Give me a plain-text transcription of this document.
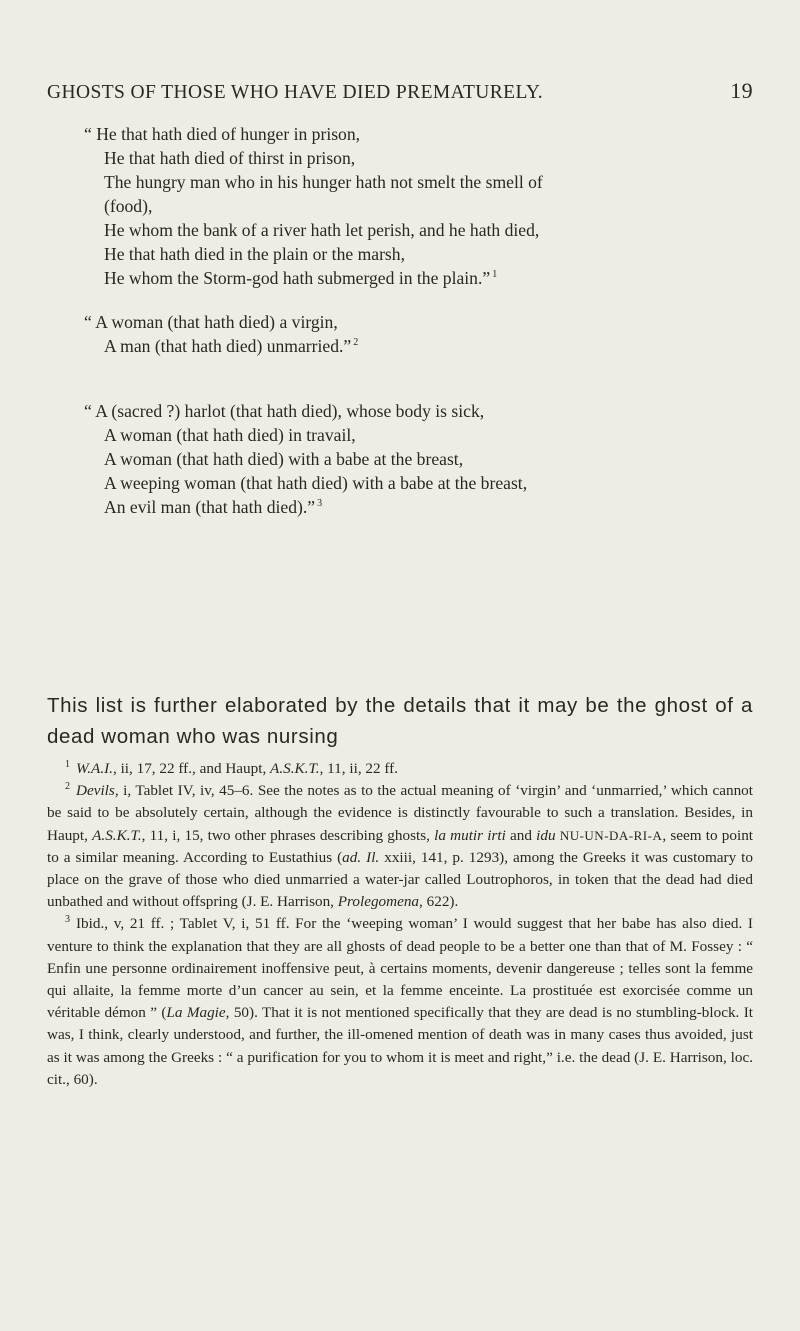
GHOSTS OF THOSE WHO HAVE DIED PREMATURELY.	19
“ He that hath died of hunger in prison,
He that hath died of thirst in prison,
The hungry man who in his hunger hath not smelt the smell of
(food),
He whom the bank of a river hath let perish, and he hath died,
He that hath died in the plain or the marsh,
He whom the Storm-god hath submerged in the plain.” $^1$
“ A woman (that hath died) a virgin,
A man (that hath died) unmarried.” $^2$
“ A (sacred ?) harlot (that hath died), whose body is sick,
A woman (that hath died) in travail,
A woman (that hath died) with a babe at the breast,
A weeping woman (that hath died) with a babe at the breast,
An evil man (that hath died).” $^3$
This list is further elaborated by the details that it may be the ghost of a dead woman who was nursing

$^1$ W.A.I., ii, 17, 22 ff., and Haupt, A.S.K.T., 11, ii, 22 ff.

$^2$ Devils, i, Tablet IV, iv, 45–6. See the notes as to the actual meaning of ‘virgin’ and ‘unmarried,’ which cannot be said to be absolutely certain, although the evidence is distinctly favourable to such a translation. Besides, in Haupt, A.S.K.T., 11, i, 15, two other phrases describing ghosts, la mutir irti and idu NU-UN-DA-RI-A, seem to point to a similar meaning. According to Eustathius (ad. Il. xxiii, 141, p. 1293), among the Greeks it was customary to place on the grave of those who died unmarried a water-jar called Loutrophoros, in token that the dead had died unbathed and without offspring (J. E. Harrison, Prolegomena, 622).

$^3$ Ibid., v, 21 ff. ; Tablet V, i, 51 ff. For the ‘weeping woman’ I would suggest that her babe has also died. I venture to think the explanation that they are all ghosts of dead people to be a better one than that of M. Fossey : “ Enfin une personne ordinairement inoffensive peut, à certains moments, devenir dangereuse ; telles sont la femme qui allaite, la femme morte d’un cancer au sein, et la femme enceinte. La prostituée est exorcisée comme un véritable démon ” (La Magie, 50). That it is not mentioned specifically that they are dead is no stumbling-block. It was, I think, clearly understood, and further, the ill-omened mention of death was in many cases thus avoided, just as it was among the Greeks : “ a purification for you to whom it is meet and right,” i.e. the dead (J. E. Harrison, loc. cit., 60).
